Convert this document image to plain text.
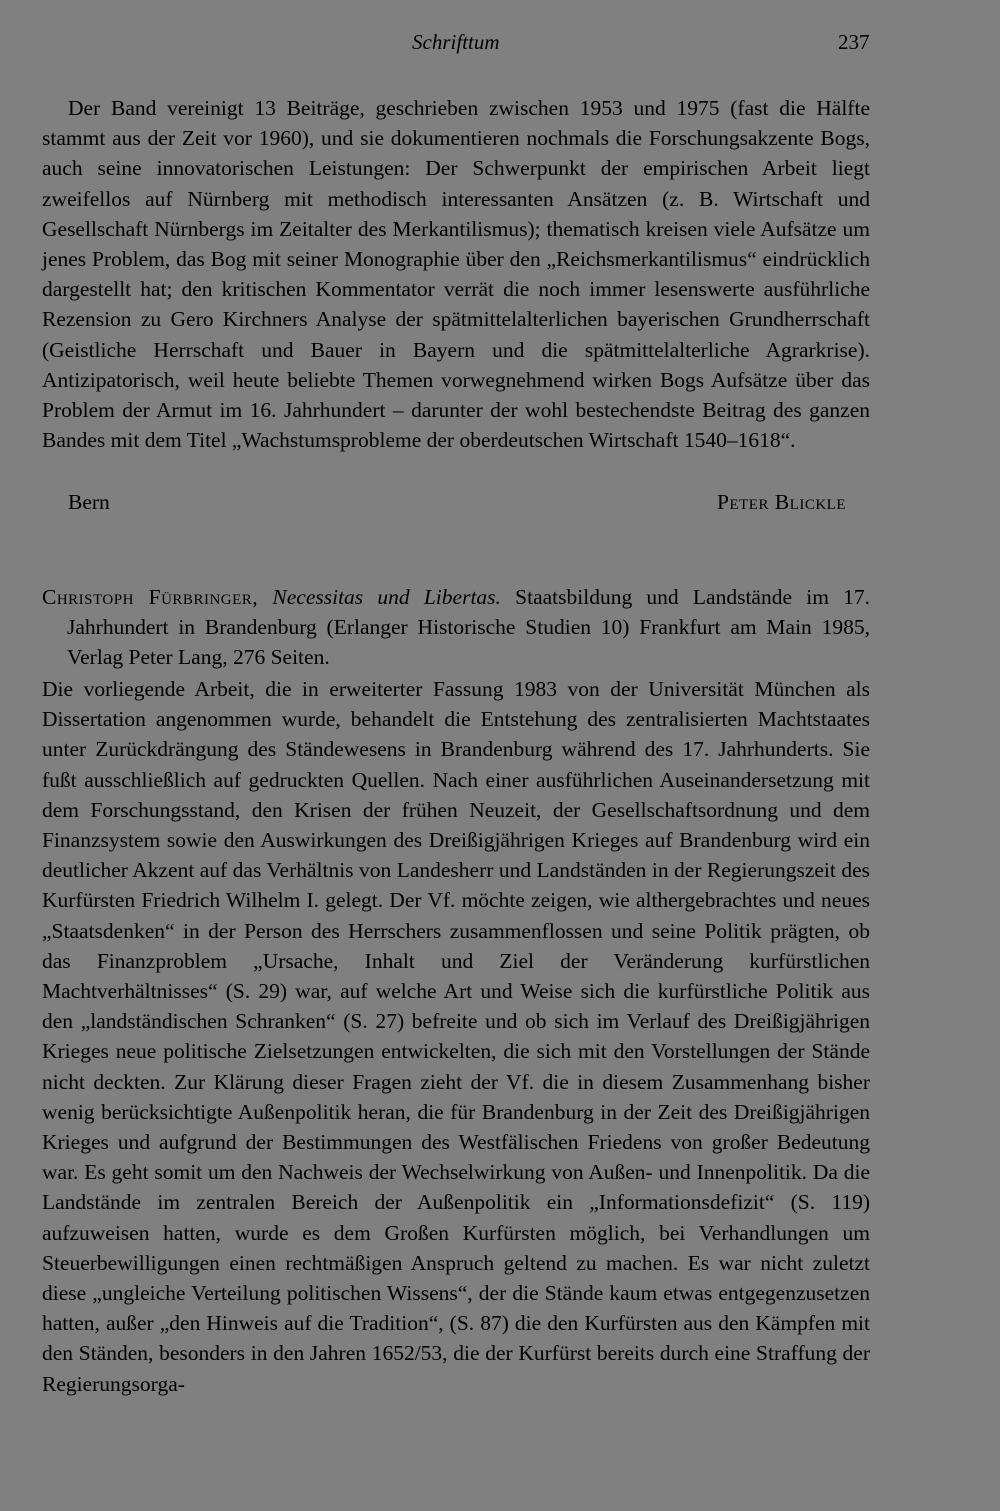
Schrifttum	237

Der Band vereinigt 13 Beiträge, geschrieben zwischen 1953 und 1975 (fast die Hälfte stammt aus der Zeit vor 1960), und sie dokumentieren nochmals die Forschungsakzente Bogs, auch seine innovatorischen Leistungen: Der Schwerpunkt der empirischen Arbeit liegt zweifellos auf Nürnberg mit methodisch interessanten Ansätzen (z. B. Wirtschaft und Gesellschaft Nürnbergs im Zeitalter des Merkantilismus); thematisch kreisen viele Aufsätze um jenes Problem, das Bog mit seiner Monographie über den „Reichsmerkantilismus“ eindrücklich dargestellt hat; den kritischen Kommentator verrät die noch immer lesenswerte ausführliche Rezension zu Gero Kirchners Analyse der spätmittelalterlichen bayerischen Grundherrschaft (Geistliche Herrschaft und Bauer in Bayern und die spätmittelalterliche Agrarkrise). Antizipatorisch, weil heute beliebte Themen vorwegnehmend wirken Bogs Aufsätze über das Problem der Armut im 16. Jahrhundert – darunter der wohl bestechendste Beitrag des ganzen Bandes mit dem Titel „Wachstumsprobleme der oberdeutschen Wirtschaft 1540–1618“.

Bern	Peter Blickle

Christoph Fürbringer, Necessitas und Libertas. Staatsbildung und Landstände im 17. Jahrhundert in Brandenburg (Erlanger Historische Studien 10) Frankfurt am Main 1985, Verlag Peter Lang, 276 Seiten.

Die vorliegende Arbeit, die in erweiterter Fassung 1983 von der Universität München als Dissertation angenommen wurde, behandelt die Entstehung des zentralisierten Machtstaates unter Zurückdrängung des Ständewesens in Brandenburg während des 17. Jahrhunderts. Sie fußt ausschließlich auf gedruckten Quellen. Nach einer ausführlichen Auseinandersetzung mit dem Forschungsstand, den Krisen der frühen Neuzeit, der Gesellschaftsordnung und dem Finanzsystem sowie den Auswirkungen des Dreißigjährigen Krieges auf Brandenburg wird ein deutlicher Akzent auf das Verhältnis von Landesherr und Landständen in der Regierungszeit des Kurfürsten Friedrich Wilhelm I. gelegt. Der Vf. möchte zeigen, wie althergebrachtes und neues „Staatsdenken“ in der Person des Herrschers zusammenflossen und seine Politik prägten, ob das Finanzproblem „Ursache, Inhalt und Ziel der Veränderung kurfürstlichen Machtverhältnisses“ (S. 29) war, auf welche Art und Weise sich die kurfürstliche Politik aus den „landständischen Schranken“ (S. 27) befreite und ob sich im Verlauf des Dreißigjährigen Krieges neue politische Zielsetzungen entwickelten, die sich mit den Vorstellungen der Stände nicht deckten. Zur Klärung dieser Fragen zieht der Vf. die in diesem Zusammenhang bisher wenig berücksichtigte Außenpolitik heran, die für Brandenburg in der Zeit des Dreißigjährigen Krieges und aufgrund der Bestimmungen des Westfälischen Friedens von großer Bedeutung war. Es geht somit um den Nachweis der Wechselwirkung von Außen- und Innenpolitik. Da die Landstände im zentralen Bereich der Außenpolitik ein „Informationsdefizit“ (S. 119) aufzuweisen hatten, wurde es dem Großen Kurfürsten möglich, bei Verhandlungen um Steuerbewilligungen einen rechtmäßigen Anspruch geltend zu machen. Es war nicht zuletzt diese „ungleiche Verteilung politischen Wissens“, der die Stände kaum etwas entgegenzusetzen hatten, außer „den Hinweis auf die Tradition“, (S. 87) die den Kurfürsten aus den Kämpfen mit den Ständen, besonders in den Jahren 1652/53, die der Kurfürst bereits durch eine Straffung der Regierungsorga-
